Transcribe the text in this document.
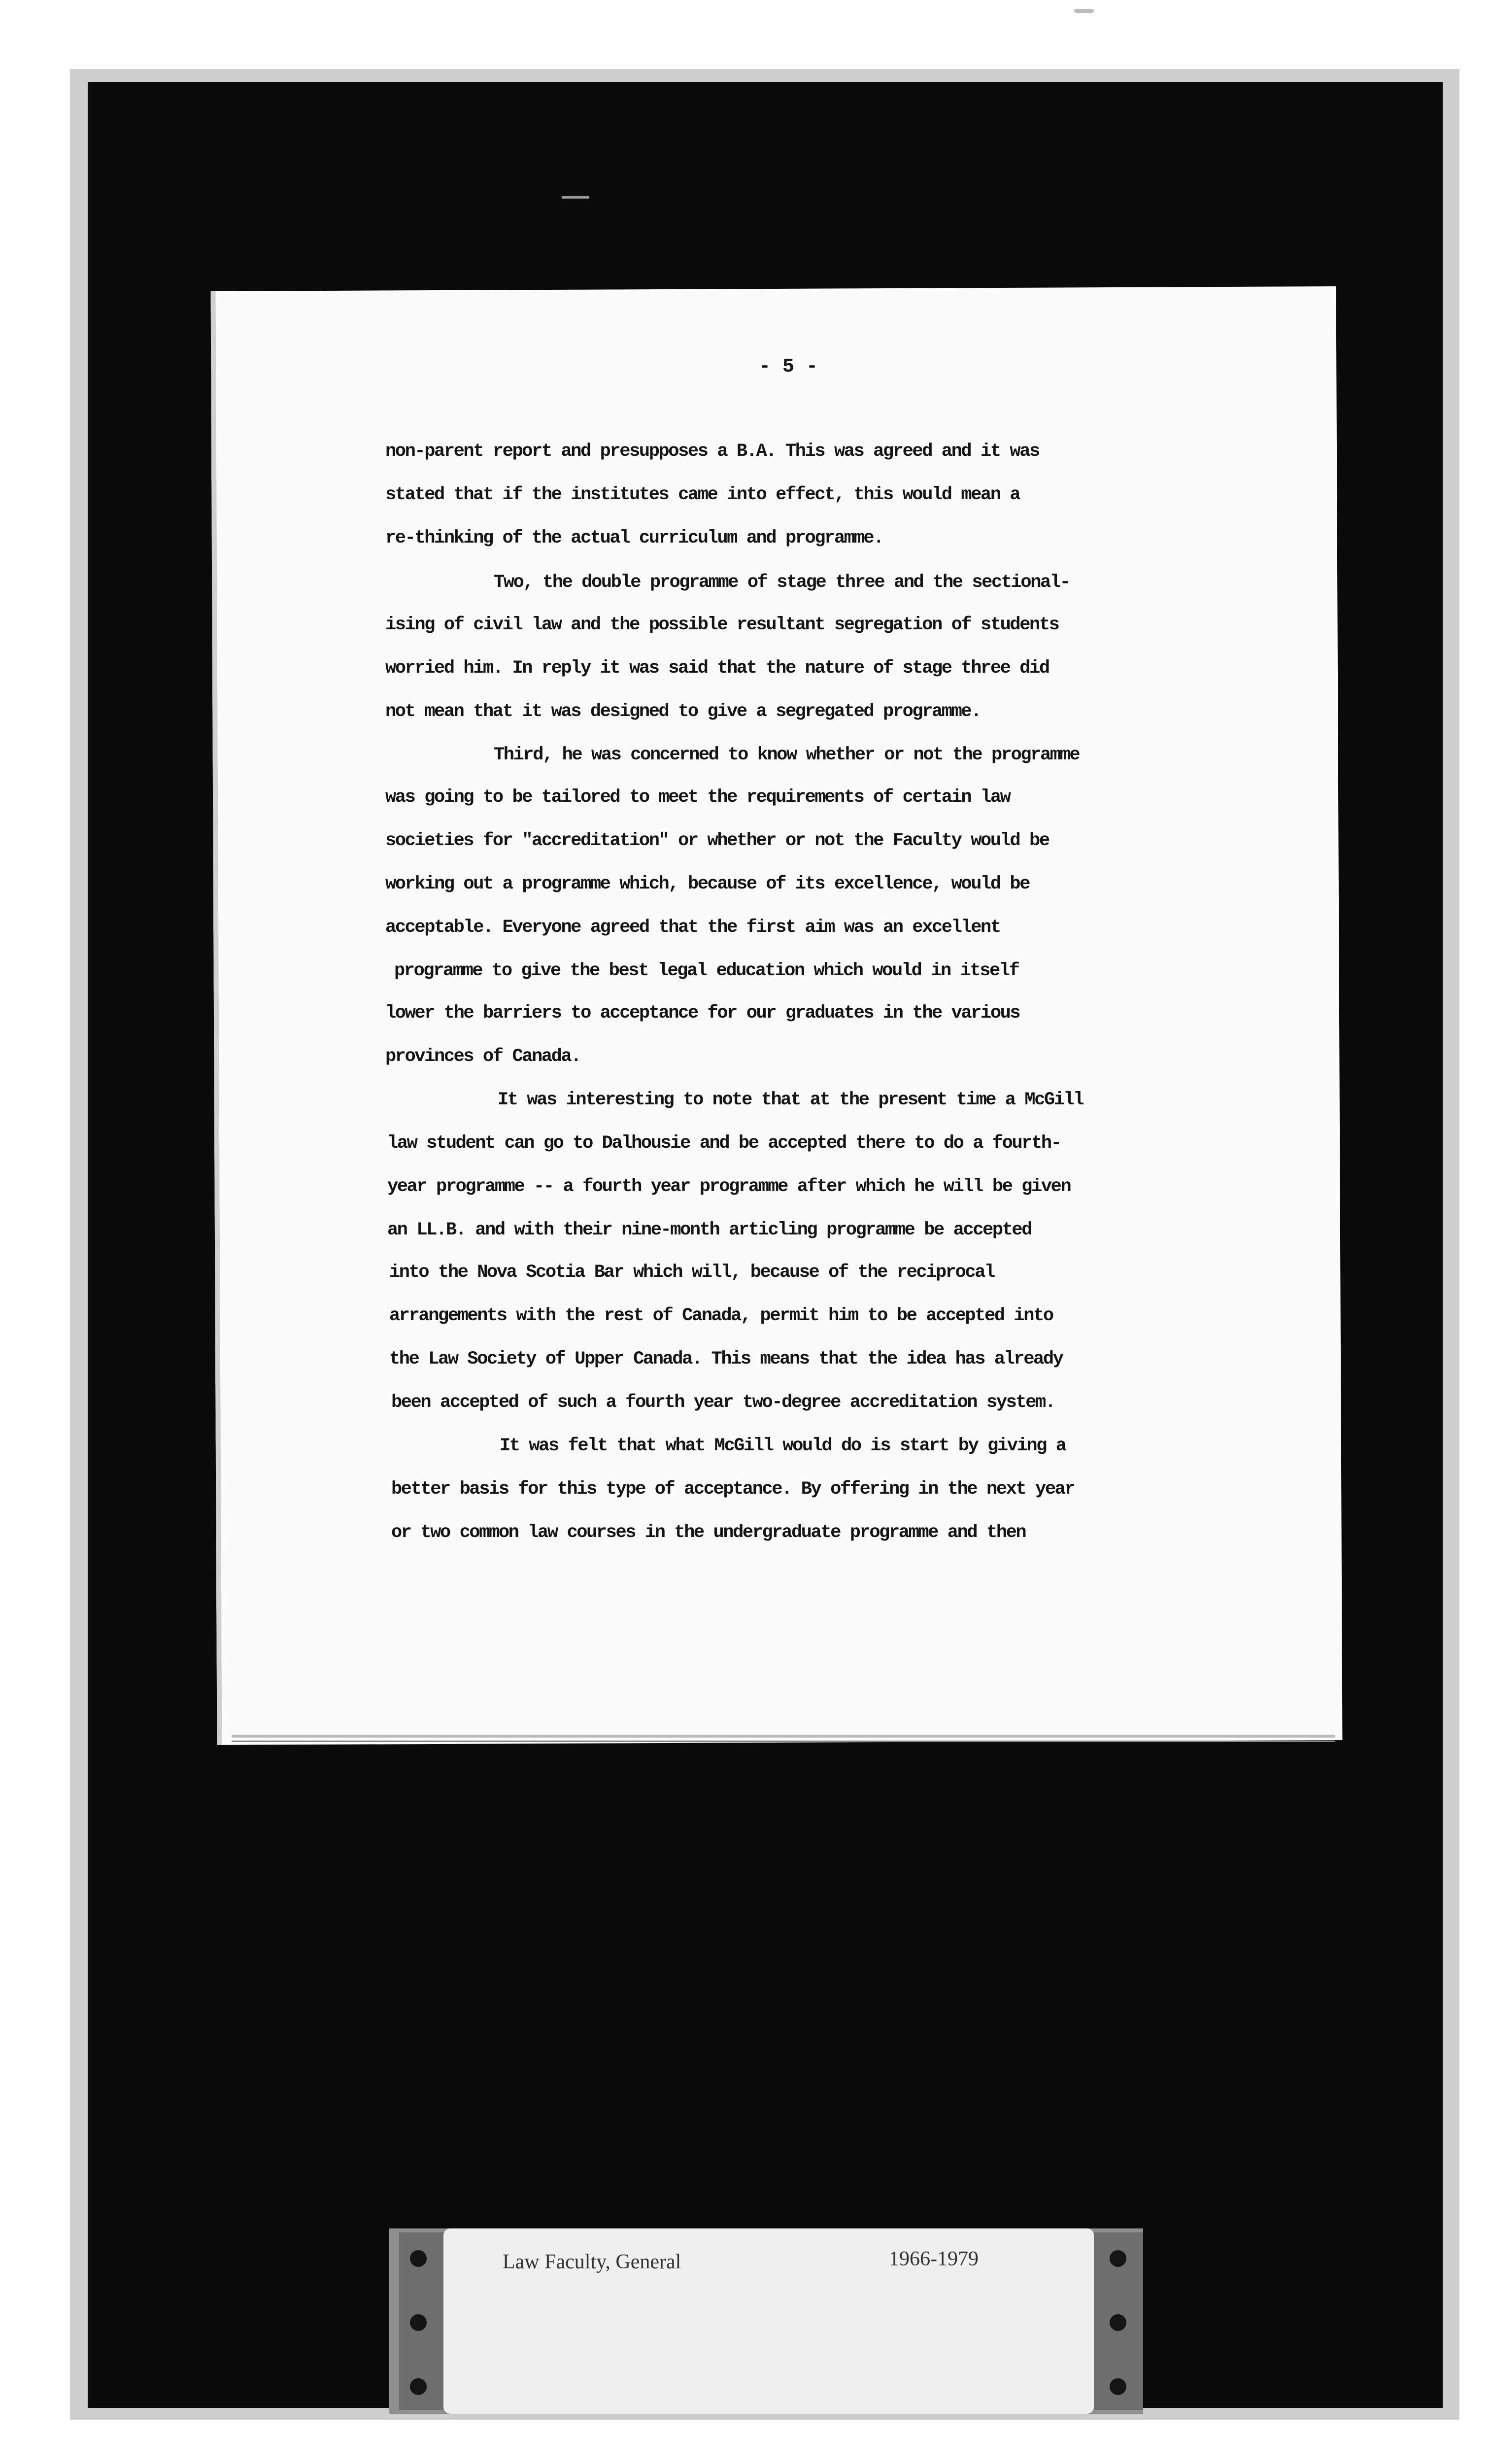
- 5 -

non-parent report and presupposes a B.A. This was agreed and it was

stated that if the institutes came into effect, this would mean a

re-thinking of the actual curriculum and programme.

Two, the double programme of stage three and the sectional-

ising of civil law and the possible resultant segregation of students

worried him. In reply it was said that the nature of stage three did

not mean that it was designed to give a segregated programme.

Third, he was concerned to know whether or not the programme

was going to be tailored to meet the requirements of certain law

societies for "accreditation" or whether or not the Faculty would be

working out a programme which, because of its excellence, would be

acceptable. Everyone agreed that the first aim was an excellent

programme to give the best legal education which would in itself

lower the barriers to acceptance for our graduates in the various

provinces of Canada.

It was interesting to note that at the present time a McGill

law student can go to Dalhousie and be accepted there to do a fourth-

year programme -- a fourth year programme after which he will be given

an LL.B. and with their nine-month articling programme be accepted

into the Nova Scotia Bar which will, because of the reciprocal

arrangements with the rest of Canada, permit him to be accepted into

the Law Society of Upper Canada. This means that the idea has already

been accepted of such a fourth year two-degree accreditation system.

It was felt that what McGill would do is start by giving a

better basis for this type of acceptance. By offering in the next year

or two common law courses in the undergraduate programme and then

Law Faculty, General	1966-1979
